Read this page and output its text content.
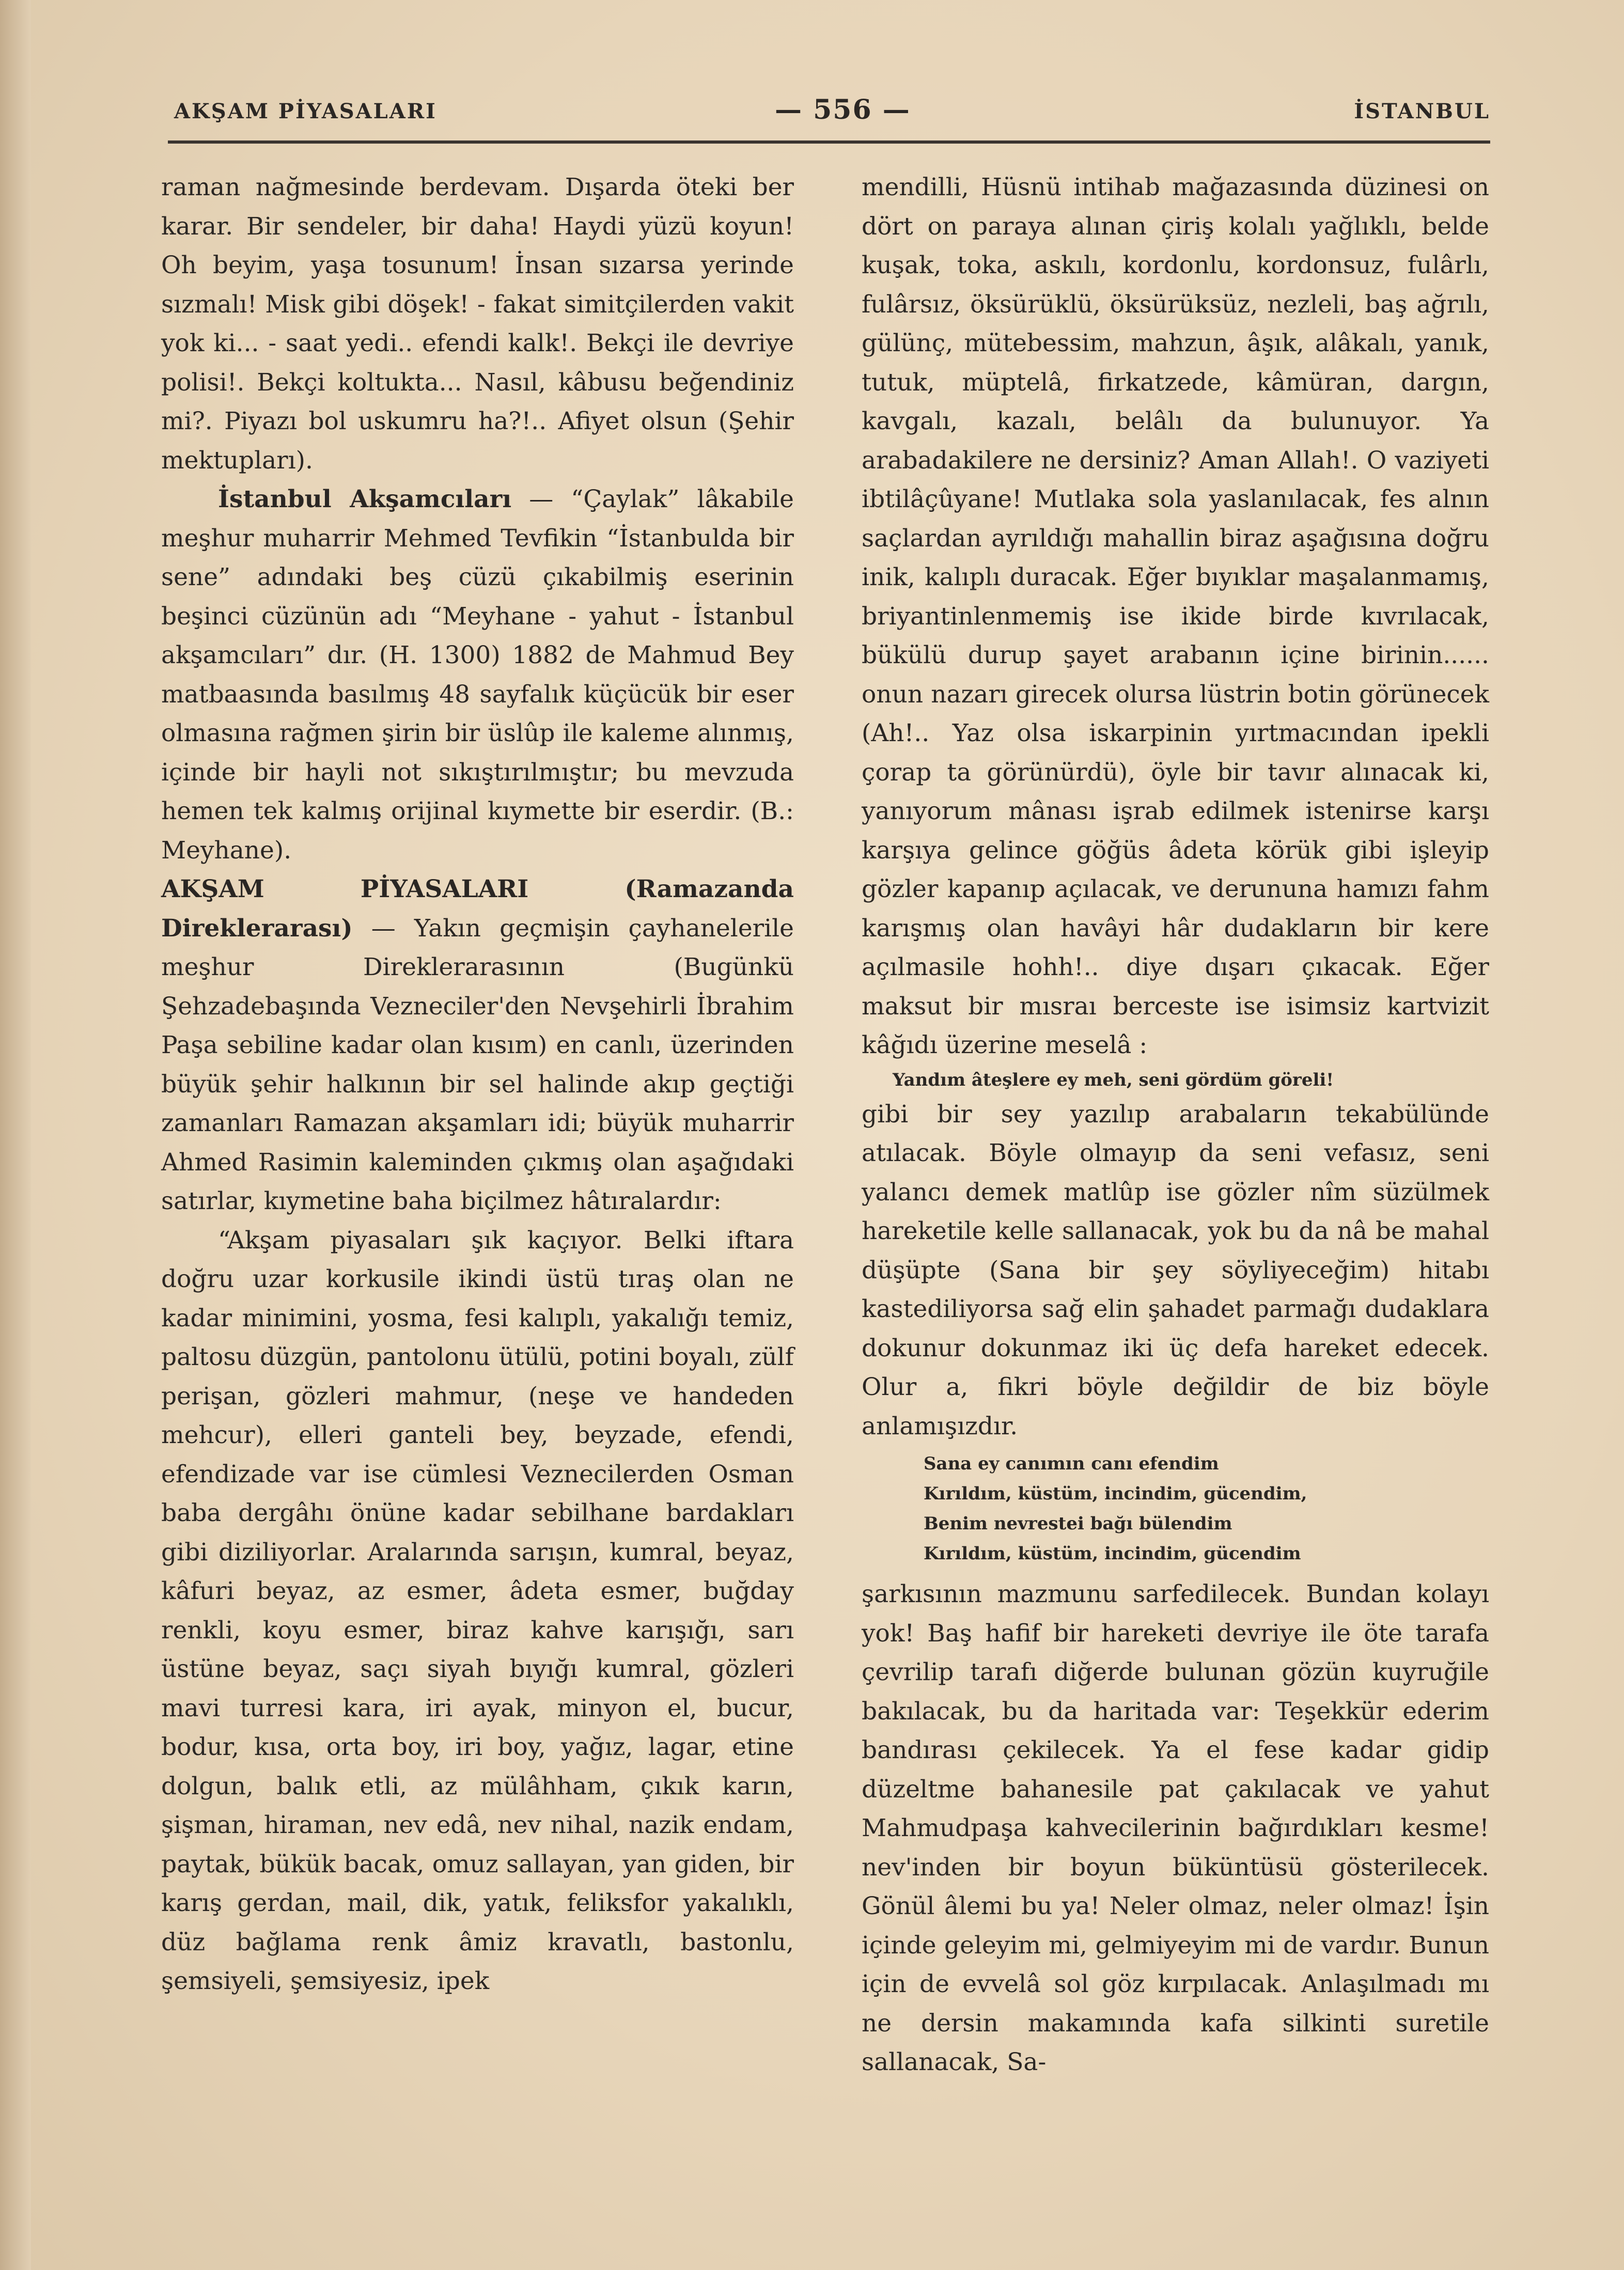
AKŞAM PİYASALARI	— 556 —	İSTANBUL

raman nağmesinde berdevam. Dışarda öteki ber karar. Bir sendeler, bir daha! Haydi yüzü koyun! Oh beyim, yaşa tosunum! İnsan sızarsa yerinde sızmalı! Misk gibi döşek! - fakat simitçilerden vakit yok ki... - saat yedi.. efendi kalk!. Bekçi ile devriye polisi!. Bekçi koltukta... Nasıl, kâbusu beğendiniz mi?. Piyazı bol uskumru ha?!.. Afiyet olsun (Şehir mektupları).

İstanbul Akşamcıları — “Çaylak” lâkabile meşhur muharrir Mehmed Tevfikin “İstanbulda bir sene” adındaki beş cüzü çıkabilmiş eserinin beşinci cüzünün adı “Meyhane - yahut - İstanbul akşamcıları” dır. (H. 1300) 1882 de Mahmud Bey matbaasında basılmış 48 sayfalık küçücük bir eser olmasına rağmen şirin bir üslûp ile kaleme alınmış, içinde bir hayli not sıkıştırılmıştır; bu mevzuda hemen tek kalmış orijinal kıymette bir eserdir. (B.: Meyhane).

AKŞAM PİYASALARI (Ramazanda Direklerarası) — Yakın geçmişin çayhanelerile meşhur Direklerarasının (Bugünkü Şehzadebaşında Vezneciler'den Nevşehirli İbrahim Paşa sebiline kadar olan kısım) en canlı, üzerinden büyük şehir halkının bir sel halinde akıp geçtiği zamanları Ramazan akşamları idi; büyük muharrir Ahmed Rasimin kaleminden çıkmış olan aşağıdaki satırlar, kıymetine baha biçilmez hâtıralardır:

“Akşam piyasaları şık kaçıyor. Belki iftara doğru uzar korkusile ikindi üstü tıraş olan ne kadar minimini, yosma, fesi kalıplı, yakalığı temiz, paltosu düzgün, pantolonu ütülü, potini boyalı, zülf perişan, gözleri mahmur, (neşe ve handeden mehcur), elleri ganteli bey, beyzade, efendi, efendizade var ise cümlesi Veznecilerden Osman baba dergâhı önüne kadar sebilhane bardakları gibi diziliyorlar. Aralarında sarışın, kumral, beyaz, kâfuri beyaz, az esmer, âdeta esmer, buğday renkli, koyu esmer, biraz kahve karışığı, sarı üstüne beyaz, saçı siyah bıyığı kumral, gözleri mavi turresi kara, iri ayak, minyon el, bucur, bodur, kısa, orta boy, iri boy, yağız, lagar, etine dolgun, balık etli, az mülâhham, çıkık karın, şişman, hiraman, nev edâ, nev nihal, nazik endam, paytak, bükük bacak, omuz sallayan, yan giden, bir karış gerdan, mail, dik, yatık, feliksfor yakalıklı, düz bağlama renk âmiz kravatlı, bastonlu, şemsiyeli, şemsiyesiz, ipek

mendilli, Hüsnü intihab mağazasında düzinesi on dört on paraya alınan çiriş kolalı yağlıklı, belde kuşak, toka, askılı, kordonlu, kordonsuz, fulârlı, fulârsız, öksürüklü, öksürüksüz, nezleli, baş ağrılı, gülünç, mütebessim, mahzun, âşık, alâkalı, yanık, tutuk, müptelâ, firkatzede, kâmüran, dargın, kavgalı, kazalı, belâlı da bulunuyor. Ya arabadakilere ne dersiniz? Aman Allah!. O vaziyeti ibtilâçûyane! Mutlaka sola yaslanılacak, fes alnın saçlardan ayrıldığı mahallin biraz aşağısına doğru inik, kalıplı duracak. Eğer bıyıklar maşalanmamış, briyantinlenmemiş ise ikide birde kıvrılacak, bükülü durup şayet arabanın içine birinin...... onun nazarı girecek olursa lüstrin botin görünecek (Ah!.. Yaz olsa iskarpinin yırtmacından ipekli çorap ta görünürdü), öyle bir tavır alınacak ki, yanıyorum mânası işrab edilmek istenirse karşı karşıya gelince göğüs âdeta körük gibi işleyip gözler kapanıp açılacak, ve derununa hamızı fahm karışmış olan havâyi hâr dudakların bir kere açılmasile hohh!.. diye dışarı çıkacak. Eğer maksut bir mısraı berceste ise isimsiz kartvizit kâğıdı üzerine meselâ :

Yandım âteşlere ey meh, seni gördüm göreli!

gibi bir sey yazılıp arabaların tekabülünde atılacak. Böyle olmayıp da seni vefasız, seni yalancı demek matlûp ise gözler nîm süzülmek hareketile kelle sallanacak, yok bu da nâ be mahal düşüpte (Sana bir şey söyliyeceğim) hitabı kastediliyorsa sağ elin şahadet parmağı dudaklara dokunur dokunmaz iki üç defa hareket edecek. Olur a, fikri böyle değildir de biz böyle anlamışızdır.

Sana ey canımın canı efendim

Kırıldım, küstüm, incindim, gücendim,

Benim nevrestei bağı bülendim

Kırıldım, küstüm, incindim, gücendim

şarkısının mazmunu sarfedilecek. Bundan kolayı yok! Baş hafif bir hareketi devriye ile öte tarafa çevrilip tarafı diğerde bulunan gözün kuyruğile bakılacak, bu da haritada var: Teşekkür ederim bandırası çekilecek. Ya el fese kadar gidip düzeltme bahanesile pat çakılacak ve yahut Mahmudpaşa kahvecilerinin bağırdıkları kesme! nev'inden bir boyun büküntüsü gösterilecek. Gönül âlemi bu ya! Neler olmaz, neler olmaz! İşin içinde geleyim mi, gelmiyeyim mi de vardır. Bunun için de evvelâ sol göz kırpılacak. Anlaşılmadı mı ne dersin makamında kafa silkinti suretile sallanacak, Sa-
